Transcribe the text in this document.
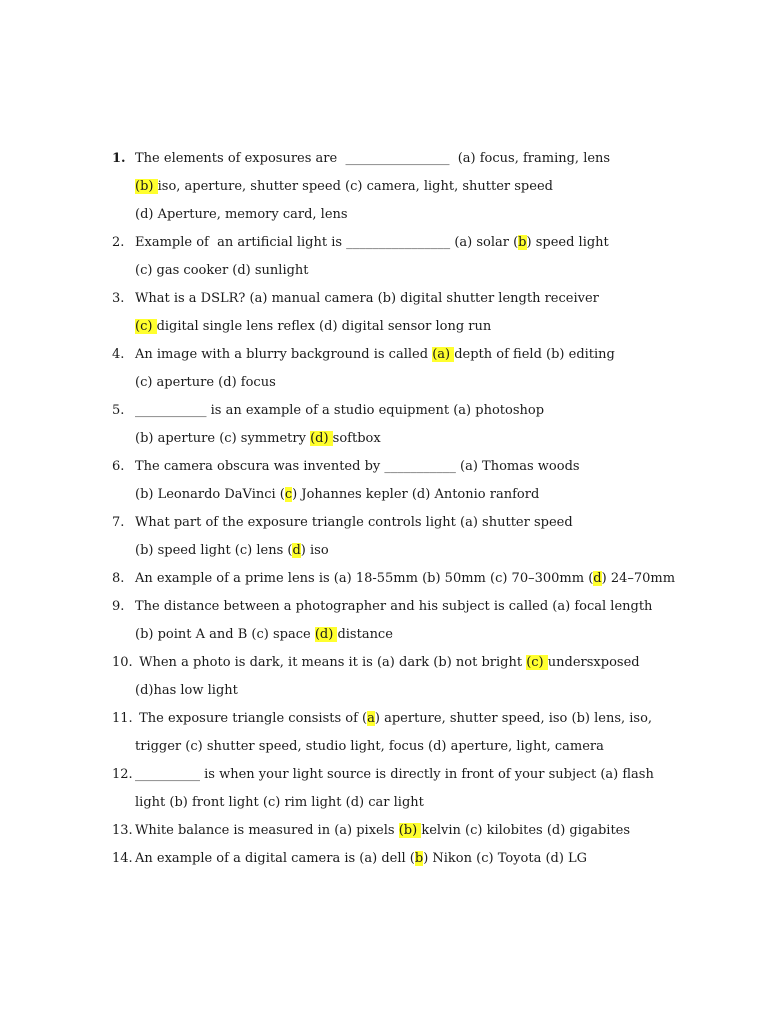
1. The elements of exposures are  ________________  (a) focus, framing, lens
(b) iso, aperture, shutter speed (c) camera, light, shutter speed
(d) Aperture, memory card, lens
2. Example of  an artificial light is ________________ (a) solar (b) speed light
(c) gas cooker (d) sunlight
3. What is a DSLR? (a) manual camera (b) digital shutter length receiver
(c) digital single lens reflex (d) digital sensor long run
4. An image with a blurry background is called (a) depth of field (b) editing
(c) aperture (d) focus
5. ___________ is an example of a studio equipment (a) photoshop
(b) aperture (c) symmetry (d) softbox
6. The camera obscura was invented by ___________ (a) Thomas woods
(b) Leonardo DaVinci (c) Johannes kepler (d) Antonio ranford
7. What part of the exposure triangle controls light (a) shutter speed
(b) speed light (c) lens (d) iso
8. An example of a prime lens is (a) 18-55mm (b) 50mm (c) 70–300mm (d) 24–70mm
9. The distance between a photographer and his subject is called (a) focal length
(b) point A and B (c) space (d) distance
10. When a photo is dark, it means it is (a) dark (b) not bright (c) undersxposed
(d)has low light
11. The exposure triangle consists of (a) aperture, shutter speed, iso (b) lens, iso,
trigger (c) shutter speed, studio light, focus (d) aperture, light, camera
12. __________ is when your light source is directly in front of your subject (a) flash
light (b) front light (c) rim light (d) car light
13. White balance is measured in (a) pixels (b) kelvin (c) kilobites (d) gigabites
14. An example of a digital camera is (a) dell (b) Nikon (c) Toyota (d) LG
